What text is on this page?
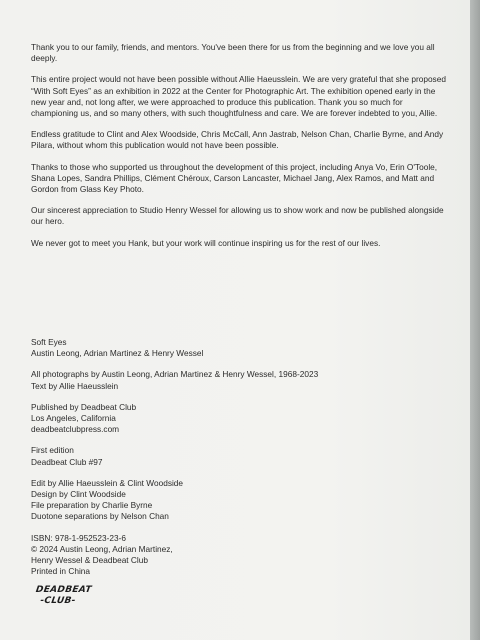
Thank you to our family, friends, and mentors. You've been there for us from the beginning and we love you all deeply.

This entire project would not have been possible without Allie Haeusslein. We are very grateful that she proposed “With Soft Eyes” as an exhibition in 2022 at the Center for Photographic Art. The exhibition opened early in the new year and, not long after, we were approached to produce this publication. Thank you so much for championing us, and so many others, with such thoughtfulness and care. We are forever indebted to you, Allie.

Endless gratitude to Clint and Alex Woodside, Chris McCall, Ann Jastrab, Nelson Chan, Charlie Byrne, and Andy Pilara, without whom this publication would not have been possible.

Thanks to those who supported us throughout the development of this project, including Anya Vo, Erin O'Toole, Shana Lopes, Sandra Phillips, Clément Chéroux, Carson Lancaster, Michael Jang, Alex Ramos, and Matt and Gordon from Glass Key Photo.

Our sincerest appreciation to Studio Henry Wessel for allowing us to show work and now be published alongside our hero.

We never got to meet you Hank, but your work will continue inspiring us for the rest of our lives.

Soft Eyes
Austin Leong, Adrian Martinez & Henry Wessel
All photographs by Austin Leong, Adrian Martinez & Henry Wessel, 1968-2023
Text by Allie Haeusslein
Published by Deadbeat Club
Los Angeles, California
deadbeatclubpress.com
First edition
Deadbeat Club #97
Edit by Allie Haeusslein & Clint Woodside
Design by Clint Woodside
File preparation by Charlie Byrne
Duotone separations by Nelson Chan
ISBN: 978-1-952523-23-6
© 2024 Austin Leong, Adrian Martinez,
Henry Wessel & Deadbeat Club
Printed in China
DEADBEAT
-CLUB-
